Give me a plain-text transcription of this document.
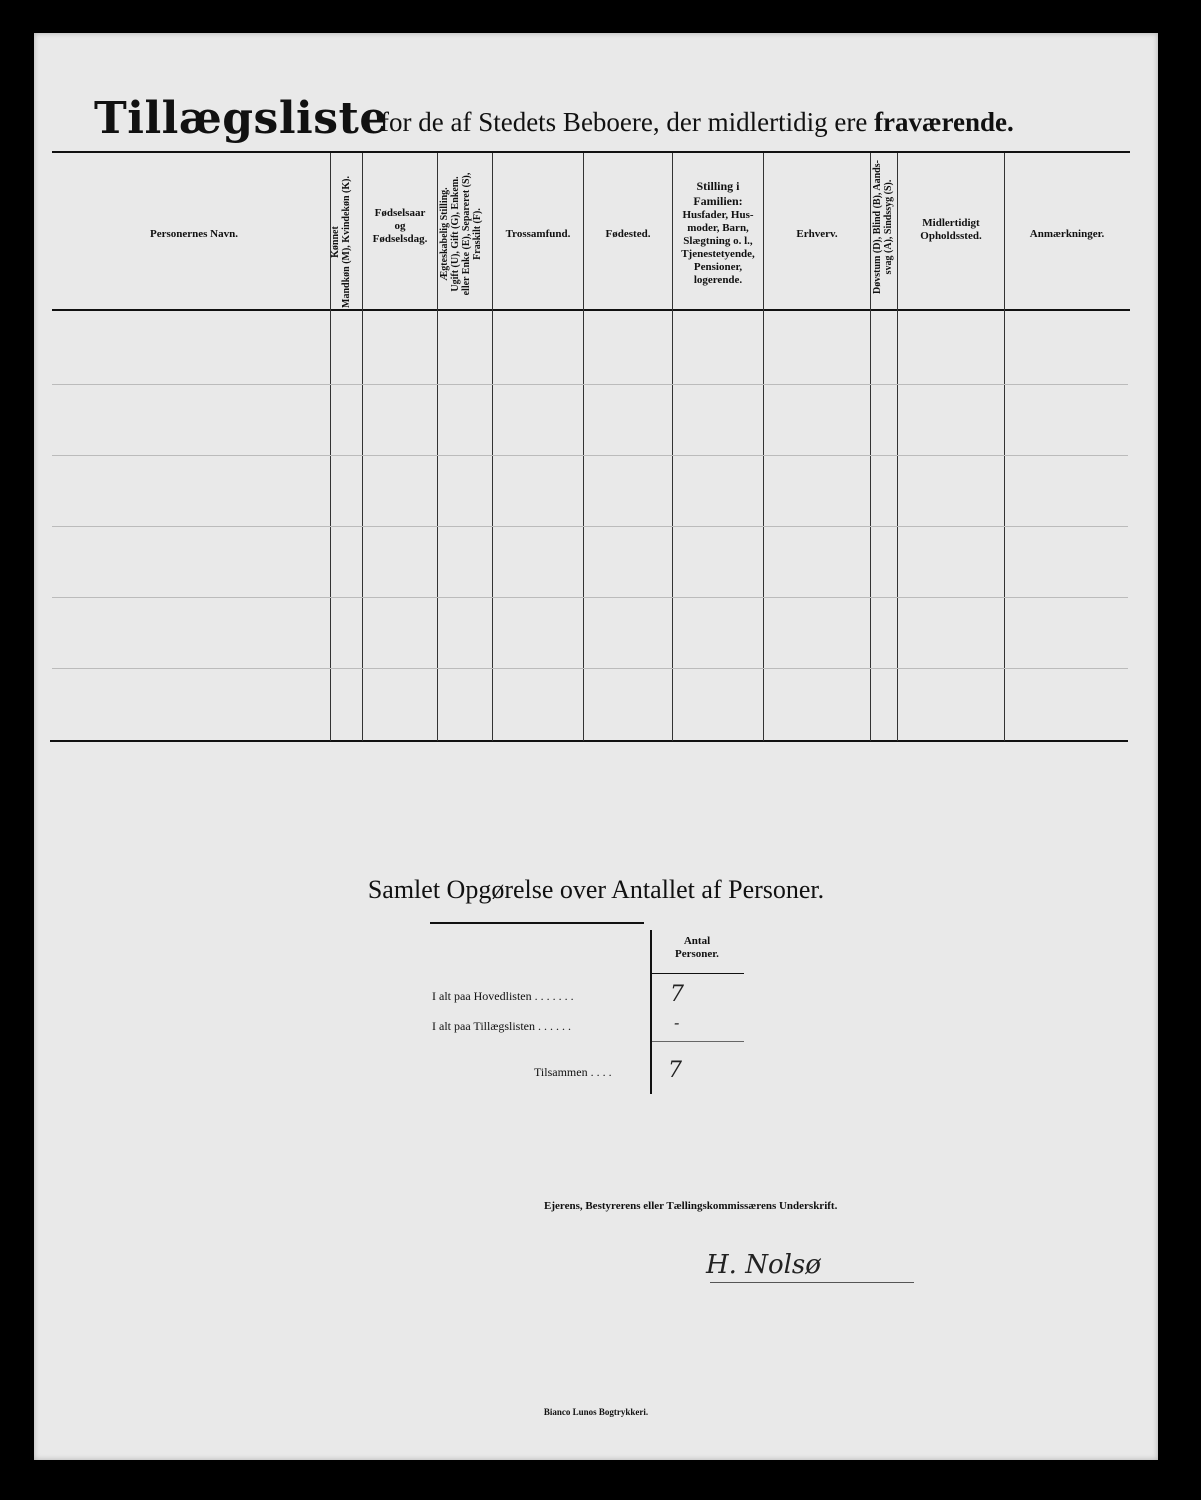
Tillægsliste
for de af Stedets Beboere, der midlertidig ere fraværende.
Personernes Navn.	Kønnet Mandkøn (M), Kvindekøn (K).	Fødselsaar
og
Fødselsdag.	Ægteskabelig Stilling. Ugift (U), Gift (G), Enkem. eller Enke (E), Separeret (S), Fraskilt (F).	Trossamfund.	Fødested.
Stilling i
Familien:
Husfader, Hus-
moder, Barn,
Slægtning o. l.,
Tjenestetyende,
Pensioner,
logerende.
Erhverv.	Døvstum (D), Blind (B), Aands- svag (A), Sindssyg (S).	Midlertidigt
Opholdssted.	Anmærkninger.
Samlet Opgørelse over Antallet af Personer.
Antal
Personer.
I alt paa Hovedlisten . . . . . . .	7
I alt paa Tillægslisten . . . . . .	-
Tilsammen . . . .	7
Ejerens, Bestyrerens eller Tællingskommissærens Underskrift.
H. Nolsø
Bianco Lunos Bogtrykkeri.
